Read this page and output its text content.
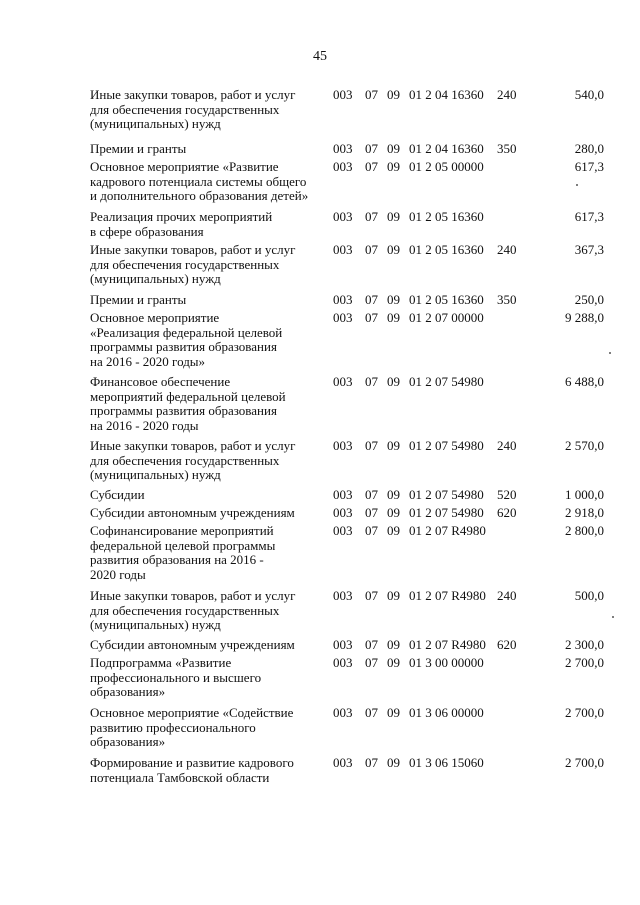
45
Иные закупки товаров, работ и услуг
для обеспечения государственных
(муниципальных) нужд
003 07 09 01 2 04 16360 240	540,0
Премии и гранты	003 07 09 01 2 04 16360 350	280,0
Основное мероприятие «Развитие
кадрового потенциала системы общего
и дополнительного образования детей»
003 07 09 01 2 05 00000	617,3
Реализация прочих мероприятий
в сфере образования
003 07 09 01 2 05 16360	617,3
Иные закупки товаров, работ и услуг
для обеспечения государственных
(муниципальных) нужд
003 07 09 01 2 05 16360 240	367,3
Премии и гранты	003 07 09 01 2 05 16360 350	250,0
Основное мероприятие
«Реализация федеральной целевой
программы развития образования
на 2016 - 2020 годы»
003 07 09 01 2 07 00000	9 288,0
Финансовое обеспечение
мероприятий федеральной целевой
программы развития образования
на 2016 - 2020 годы
003 07 09 01 2 07 54980	6 488,0
Иные закупки товаров, работ и услуг
для обеспечения государственных
(муниципальных) нужд
003 07 09 01 2 07 54980 240	2 570,0
Субсидии	003 07 09 01 2 07 54980 520	1 000,0
Субсидии автономным учреждениям	003 07 09 01 2 07 54980 620	2 918,0
Софинансирование мероприятий
федеральной целевой программы
развития образования на 2016 -
2020 годы
003 07 09 01 2 07 R4980	2 800,0
Иные закупки товаров, работ и услуг
для обеспечения государственных
(муниципальных) нужд
003 07 09 01 2 07 R4980 240	500,0
Субсидии автономным учреждениям	003 07 09 01 2 07 R4980 620	2 300,0
Подпрограмма «Развитие
профессионального и высшего
образования»
003 07 09 01 3 00 00000	2 700,0
Основное мероприятие «Содействие
развитию профессионального
образования»
003 07 09 01 3 06 00000	2 700,0
Формирование и развитие кадрового
потенциала Тамбовской области
003 07 09 01 3 06 15060	2 700,0
